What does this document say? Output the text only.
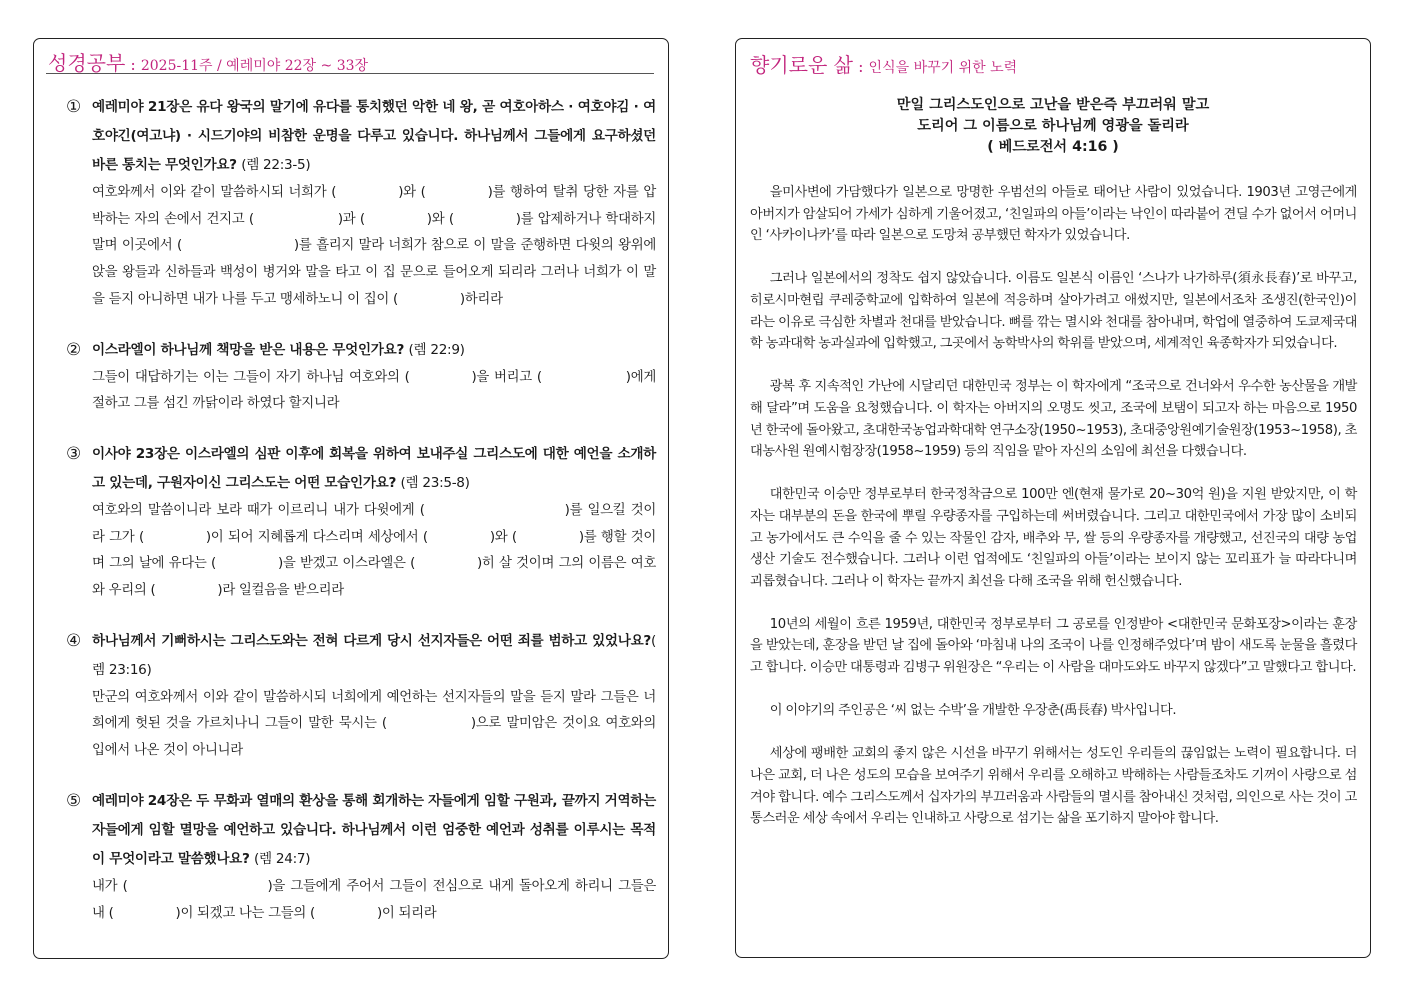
성경공부 : 2025-11주 / 예레미야 22장 ~ 33장
① 예레미야 21장은 유다 왕국의 말기에 유다를 통치했던 악한 네 왕, 곧 여호아하스 · 여호야김 · 여호야긴(여고냐) · 시드기야의 비참한 운명을 다루고 있습니다. 하나님께서 그들에게 요구하셨던 바른 통치는 무엇인가요? (렘 22:3-5)
여호와께서 이와 같이 말씀하시되 너희가 (	)와 (	)를 행하여 탈취 당한 자를 압박하는 자의 손에서 건지고 (	)과 (	)와 (	)를 압제하거나 학대하지 말며 이곳에서 (	)를 흘리지 말라 너희가 참으로 이 말을 준행하면 다윗의 왕위에 앉을 왕들과 신하들과 백성이 병거와 말을 타고 이 집 문으로 들어오게 되리라 그러나 너희가 이 말을 듣지 아니하면 내가 나를 두고 맹세하노니 이 집이 (	)하리라
② 이스라엘이 하나님께 책망을 받은 내용은 무엇인가요? (렘 22:9)
그들이 대답하기는 이는 그들이 자기 하나님 여호와의 (	)을 버리고 (	)에게 절하고 그를 섬긴 까닭이라 하였다 할지니라
③ 이사야 23장은 이스라엘의 심판 이후에 회복을 위하여 보내주실 그리스도에 대한 예언을 소개하고 있는데, 구원자이신 그리스도는 어떤 모습인가요? (렘 23:5-8)
여호와의 말씀이니라 보라 때가 이르리니 내가 다윗에게 (	)를 일으킬 것이라 그가 (	)이 되어 지혜롭게 다스리며 세상에서 (	)와 (	)를 행할 것이며 그의 날에 유다는 (	)을 받겠고 이스라엘은 (	)히 살 것이며 그의 이름은 여호와 우리의 (	)라 일컬음을 받으리라
④ 하나님께서 기뻐하시는 그리스도와는 전혀 다르게 당시 선지자들은 어떤 죄를 범하고 있었나요?( 렘 23:16)
만군의 여호와께서 이와 같이 말씀하시되 너희에게 예언하는 선지자들의 말을 듣지 말라 그들은 너희에게 헛된 것을 가르치나니 그들이 말한 묵시는 (	)으로 말미암은 것이요 여호와의 입에서 나온 것이 아니니라
⑤ 예레미야 24장은 두 무화과 열매의 환상을 통해 회개하는 자들에게 임할 구원과, 끝까지 거역하는 자들에게 임할 멸망을 예언하고 있습니다. 하나님께서 이런 엄중한 예언과 성취를 이루시는 목적이 무엇이라고 말씀했나요? (렘 24:7)
내가 (	)을 그들에게 주어서 그들이 전심으로 내게 돌아오게 하리니 그들은 내 (	)이 되겠고 나는 그들의 (	)이 되리라
향기로운 삶 : 인식을 바꾸기 위한 노력
만일 그리스도인으로 고난을 받은즉 부끄러워 말고
도리어 그 이름으로 하나님께 영광을 돌리라
( 베드로전서 4:16 )

을미사변에 가담했다가 일본으로 망명한 우범선의 아들로 태어난 사람이 있었습니다. 1903년 고영근에게 아버지가 암살되어 가세가 심하게 기울어졌고, ‘친일파의 아들’이라는 낙인이 따라붙어 견딜 수가 없어서 어머니인 ‘사카이나카’를 따라 일본으로 도망쳐 공부했던 학자가 있었습니다.

그러나 일본에서의 정착도 쉽지 않았습니다. 이름도 일본식 이름인 ‘스나가 나가하루(須永長春)’로 바꾸고, 히로시마현립 쿠레중학교에 입학하여 일본에 적응하며 살아가려고 애썼지만, 일본에서조차 조생진(한국인)이라는 이유로 극심한 차별과 천대를 받았습니다. 뼈를 깎는 멸시와 천대를 참아내며, 학업에 열중하여 도쿄제국대학 농과대학 농과실과에 입학했고, 그곳에서 농학박사의 학위를 받았으며, 세계적인 육종학자가 되었습니다.

광복 후 지속적인 가난에 시달리던 대한민국 정부는 이 학자에게 “조국으로 건너와서 우수한 농산물을 개발해 달라”며 도움을 요청했습니다. 이 학자는 아버지의 오명도 씻고, 조국에 보탬이 되고자 하는 마음으로 1950년 한국에 돌아왔고, 초대한국농업과학대학 연구소장(1950~1953), 초대중앙원예기술원장(1953~1958), 초대농사원 원예시험장장(1958~1959) 등의 직임을 맡아 자신의 소임에 최선을 다했습니다.

대한민국 이승만 정부로부터 한국정착금으로 100만 엔(현재 물가로 20~30억 원)을 지원 받았지만, 이 학자는 대부분의 돈을 한국에 뿌릴 우량종자를 구입하는데 써버렸습니다. 그리고 대한민국에서 가장 많이 소비되고 농가에서도 큰 수익을 줄 수 있는 작물인 감자, 배추와 무, 쌀 등의 우량종자를 개량했고, 선진국의 대량 농업 생산 기술도 전수했습니다. 그러나 이런 업적에도 ‘친일파의 아들’이라는 보이지 않는 꼬리표가 늘 따라다니며 괴롭혔습니다. 그러나 이 학자는 끝까지 최선을 다해 조국을 위해 헌신했습니다.

10년의 세월이 흐른 1959년, 대한민국 정부로부터 그 공로를 인정받아 <대한민국 문화포장>이라는 훈장을 받았는데, 훈장을 받던 날 집에 돌아와 ‘마침내 나의 조국이 나를 인정해주었다’며 밤이 새도록 눈물을 흘렸다고 합니다. 이승만 대통령과 김병구 위원장은 “우리는 이 사람을 대마도와도 바꾸지 않겠다”고 말했다고 합니다.

이 이야기의 주인공은 ‘씨 없는 수박’을 개발한 우장춘(禹長春) 박사입니다.

세상에 팽배한 교회의 좋지 않은 시선을 바꾸기 위해서는 성도인 우리들의 끊임없는 노력이 필요합니다. 더 나은 교회, 더 나은 성도의 모습을 보여주기 위해서 우리를 오해하고 박해하는 사람들조차도 기꺼이 사랑으로 섬겨야 합니다. 예수 그리스도께서 십자가의 부끄러움과 사람들의 멸시를 참아내신 것처럼, 의인으로 사는 것이 고통스러운 세상 속에서 우리는 인내하고 사랑으로 섬기는 삶을 포기하지 말아야 합니다.
